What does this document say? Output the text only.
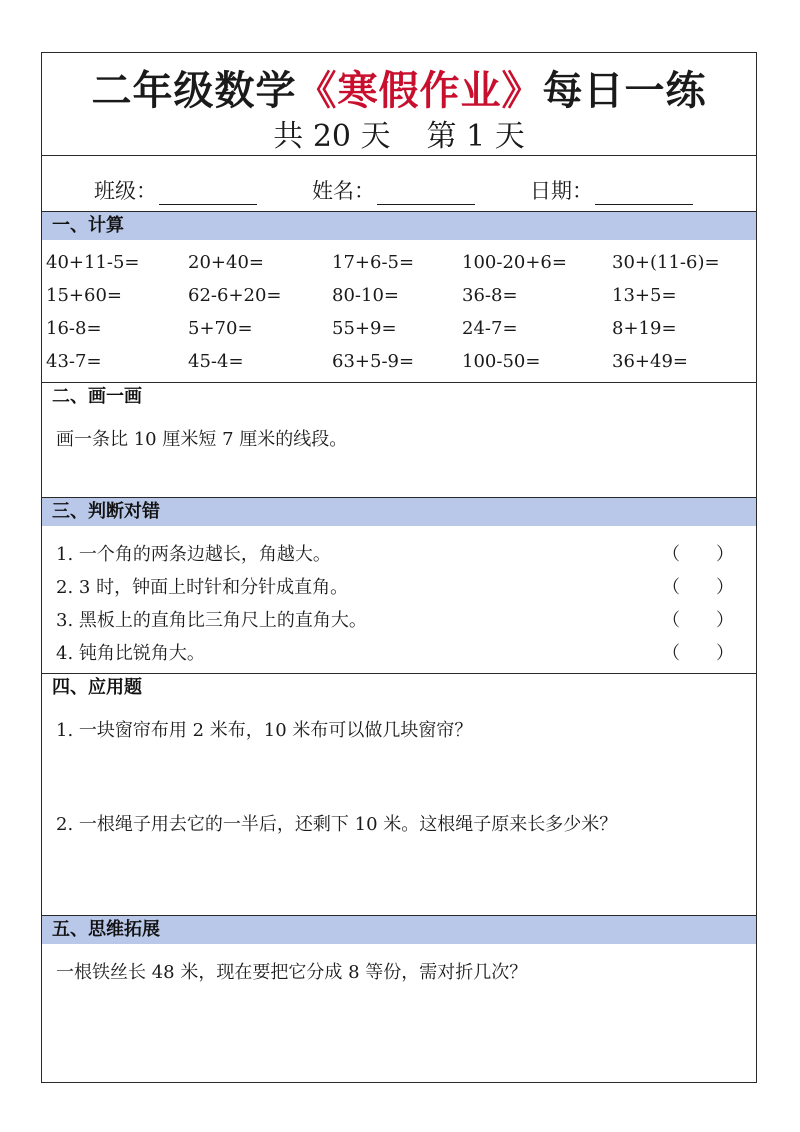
二年级数学《寒假作业》每日一练
共 20 天 第 1 天
班级：	姓名：	日期：
一、计算
40+11-5=	20+40=	17+6-5=	100-20+6=	30+(11-6)=
15+60=	62-6+20=	80-10=	36-8=	13+5=
16-8=	5+70=	55+9=	24-7=	8+19=
43-7=	45-4=	63+5-9=	100-50=	36+49=
二、画一画
画一条比 10 厘米短 7 厘米的线段。
三、判断对错
1. 一个角的两条边越长，角越大。	（　　）
2. 3 时，钟面上时针和分针成直角。	（　　）
3. 黑板上的直角比三角尺上的直角大。	（　　）
4. 钝角比锐角大。	（　　）
四、应用题
1. 一块窗帘布用 2 米布，10 米布可以做几块窗帘？
2. 一根绳子用去它的一半后，还剩下 10 米。这根绳子原来长多少米？
五、思维拓展
一根铁丝长 48 米，现在要把它分成 8 等份，需对折几次？
